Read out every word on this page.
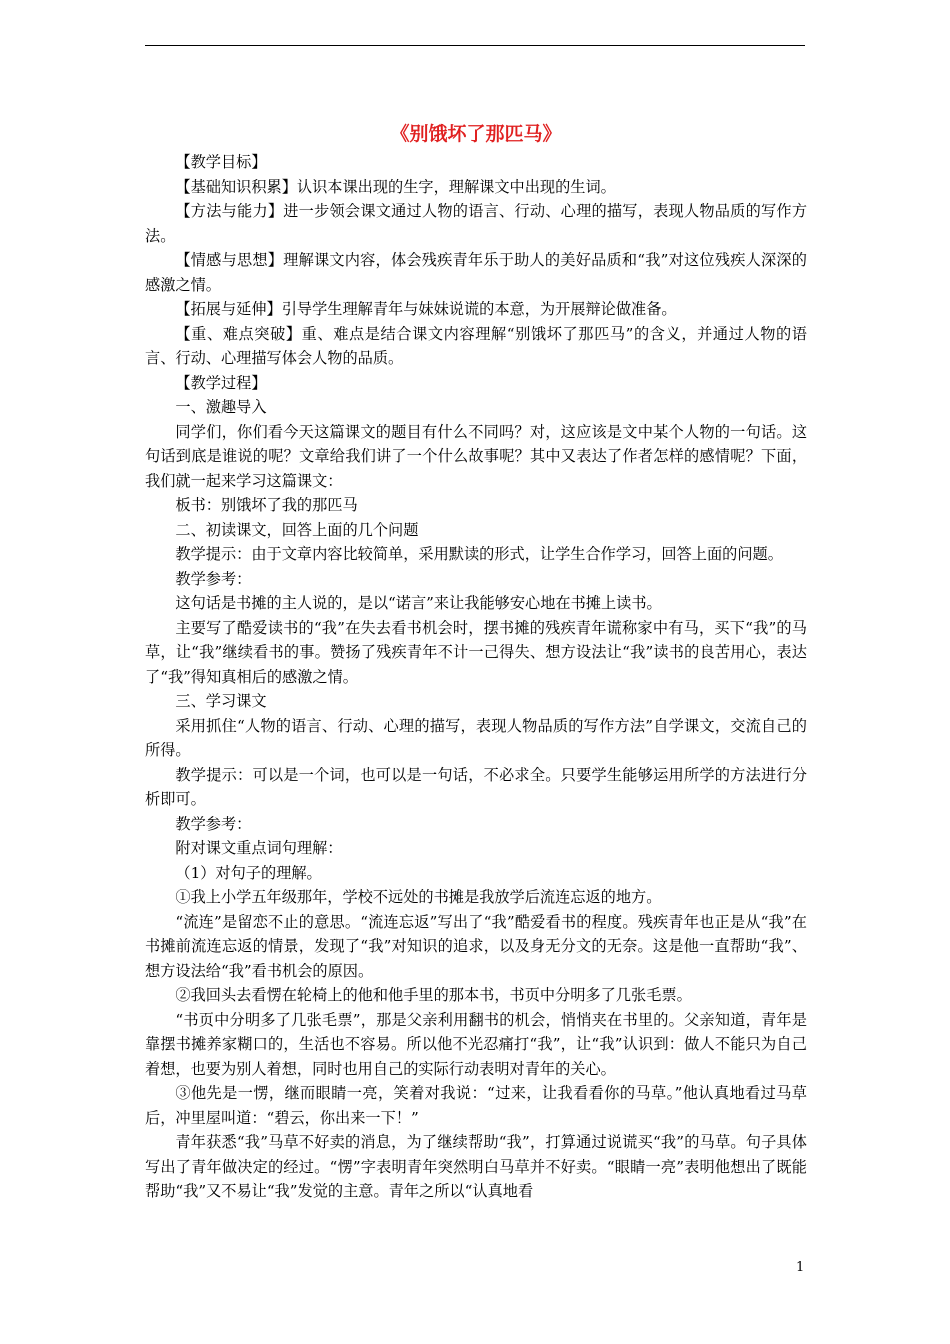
《别饿坏了那匹马》

【教学目标】

【基础知识积累】认识本课出现的生字，理解课文中出现的生词。

【方法与能力】进一步领会课文通过人物的语言、行动、心理的描写，表现人物品质的写作方法。

【情感与思想】理解课文内容，体会残疾青年乐于助人的美好品质和“我”对这位残疾人深深的感激之情。

【拓展与延伸】引导学生理解青年与妹妹说谎的本意，为开展辩论做准备。

【重、难点突破】重、难点是结合课文内容理解“别饿坏了那匹马”的含义，并通过人物的语言、行动、心理描写体会人物的品质。

【教学过程】

一、激趣导入

同学们，你们看今天这篇课文的题目有什么不同吗？对，这应该是文中某个人物的一句话。这句话到底是谁说的呢？文章给我们讲了一个什么故事呢？其中又表达了作者怎样的感情呢？下面，我们就一起来学习这篇课文：

板书：别饿坏了我的那匹马

二、初读课文，回答上面的几个问题

教学提示：由于文章内容比较简单，采用默读的形式，让学生合作学习，回答上面的问题。

教学参考：

这句话是书摊的主人说的，是以“诺言”来让我能够安心地在书摊上读书。

主要写了酷爱读书的“我”在失去看书机会时，摆书摊的残疾青年谎称家中有马，买下“我”的马草，让“我”继续看书的事。赞扬了残疾青年不计一己得失、想方设法让“我”读书的良苦用心，表达了“我”得知真相后的感激之情。

三、学习课文

采用抓住“人物的语言、行动、心理的描写，表现人物品质的写作方法”自学课文，交流自己的所得。

教学提示：可以是一个词，也可以是一句话，不必求全。只要学生能够运用所学的方法进行分析即可。

教学参考：

附对课文重点词句理解：

（1）对句子的理解。

①我上小学五年级那年，学校不远处的书摊是我放学后流连忘返的地方。

“流连”是留恋不止的意思。“流连忘返”写出了“我”酷爱看书的程度。残疾青年也正是从“我”在书摊前流连忘返的情景，发现了“我”对知识的追求，以及身无分文的无奈。这是他一直帮助“我”、想方设法给“我”看书机会的原因。

②我回头去看愣在轮椅上的他和他手里的那本书，书页中分明多了几张毛票。

“书页中分明多了几张毛票”，那是父亲利用翻书的机会，悄悄夹在书里的。父亲知道，青年是靠摆书摊养家糊口的，生活也不容易。所以他不光忍痛打“我”，让“我”认识到：做人不能只为自己着想，也要为别人着想，同时也用自己的实际行动表明对青年的关心。

③他先是一愣，继而眼睛一亮，笑着对我说：“过来，让我看看你的马草。”他认真地看过马草后，冲里屋叫道：“碧云，你出来一下！”

青年获悉“我”马草不好卖的消息，为了继续帮助“我”，打算通过说谎买“我”的马草。句子具体写出了青年做决定的经过。“愣”字表明青年突然明白马草并不好卖。“眼睛一亮”表明他想出了既能帮助“我”又不易让“我”发觉的主意。青年之所以“认真地看

1
